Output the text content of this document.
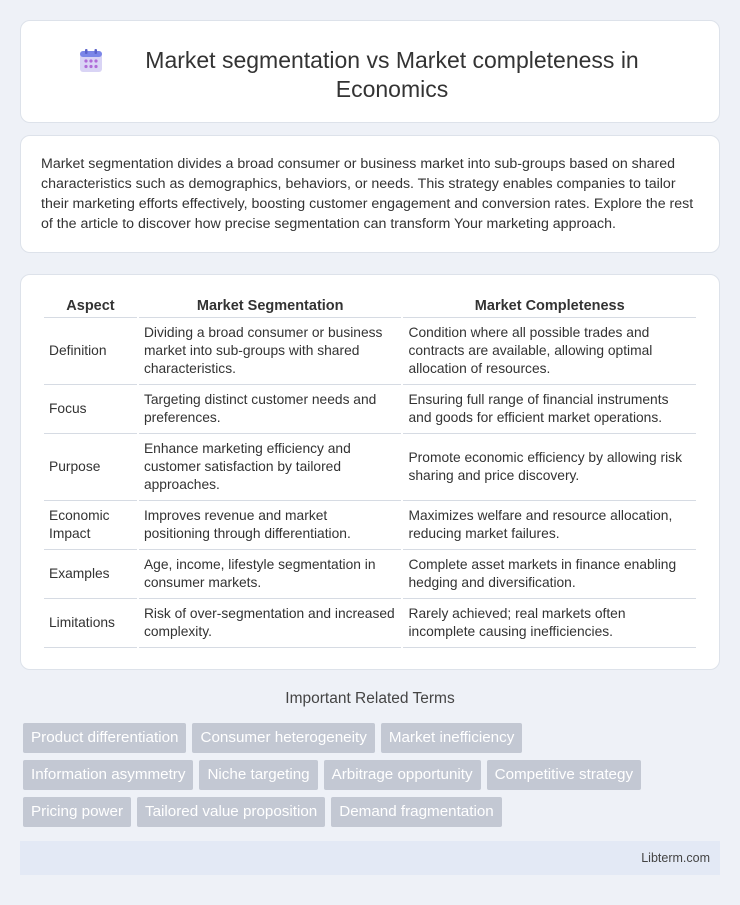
Market segmentation vs Market completeness in Economics

Market segmentation divides a broad consumer or business market into sub-groups based on shared characteristics such as demographics, behaviors, or needs. This strategy enables companies to tailor their marketing efforts effectively, boosting customer engagement and conversion rates. Explore the rest of the article to discover how precise segmentation can transform Your marketing approach.

Aspect	Market Segmentation	Market Completeness
Definition	Dividing a broad consumer or business market into sub-groups with shared characteristics.	Condition where all possible trades and contracts are available, allowing optimal allocation of resources.
Focus	Targeting distinct customer needs and preferences.	Ensuring full range of financial instruments and goods for efficient market operations.
Purpose	Enhance marketing efficiency and customer satisfaction by tailored approaches.	Promote economic efficiency by allowing risk sharing and price discovery.
Economic Impact	Improves revenue and market positioning through differentiation.	Maximizes welfare and resource allocation, reducing market failures.
Examples	Age, income, lifestyle segmentation in consumer markets.	Complete asset markets in finance enabling hedging and diversification.
Limitations	Risk of over-segmentation and increased complexity.	Rarely achieved; real markets often incomplete causing inefficiencies.
Important Related Terms
Product differentiation	Consumer heterogeneity	Market inefficiency
Information asymmetry	Niche targeting	Arbitrage opportunity	Competitive strategy
Pricing power	Tailored value proposition	Demand fragmentation
Libterm.com
